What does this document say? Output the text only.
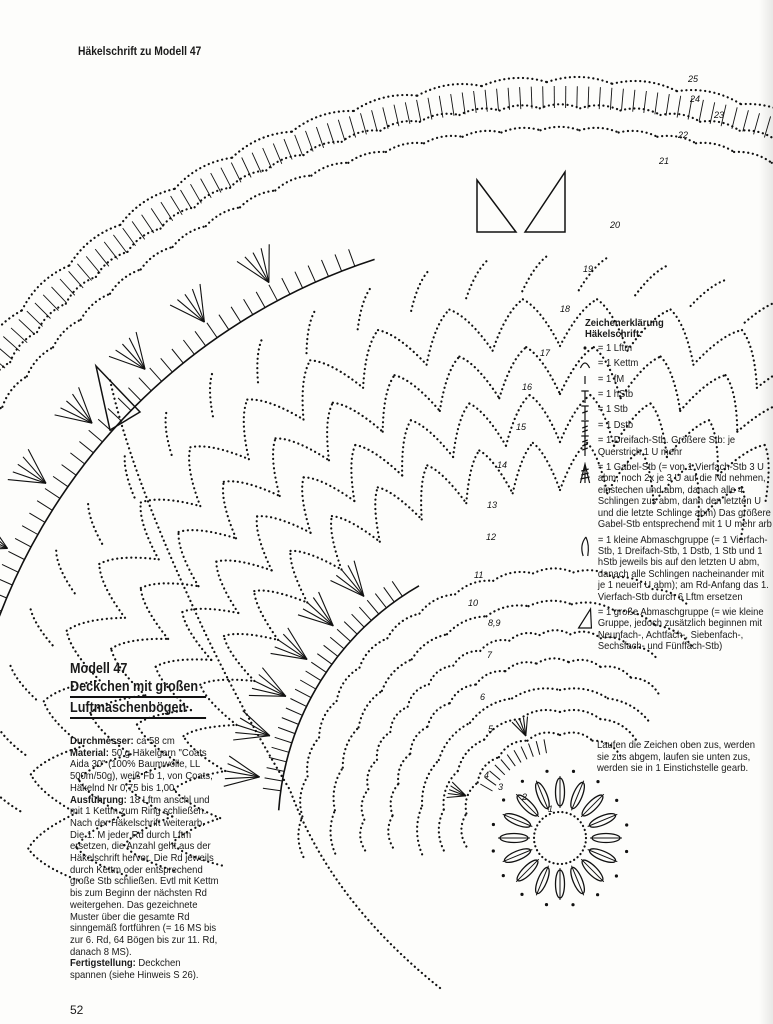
Häkelschrift zu Modell 47
1
2
3
4
5
6
7
8,9
10
11
12
13
14
15
16
17
18
19
20
21
22
23
24
25
Zeichenerklärung
Häkelschrift:
= 1 Lftm
= 1 Kettm
= 1 fM
= 1 hStb
= 1 Stb
= 1 Dstb
= 1 Dreifach-Stb. Größere Stb: je Querstrich 1 U mehr
= 1 Gabel-Stb (= von 1 Vierfach-Stb 3 U abm, noch 2x je 3 U auf die Nd nehmen, einstechen und abm, danach alle 4 Schlingen zus abm, dann den letzten U und die letzte Schlinge abm) Das größere Gabel-Stb entsprechend mit 1 U mehr arb
= 1 kleine Abmaschgruppe (= 1 Vierfach-Stb, 1 Dreifach-Stb, 1 Dstb, 1 Stb und 1 hStb jeweils bis auf den letzten U abm, danach alle Schlingen nacheinander mit je 1 neuen U abm); am Rd-Anfang das 1. Vierfach-Stb durch 6 Lftm ersetzen
= 1 große Abmaschgruppe (= wie kleine Gruppe, jedoch zusätzlich beginnen mit Neunfach-, Achtfach-, Siebenfach-, Sechsfach- und Fünffach-Stb)
Laufen die Zeichen oben zus, werden sie zus abgem, laufen sie unten zus, werden sie in 1 Einstichstelle gearb.
Modell 47
Deckchen mit großen
Luftmaschenbögen
Durchmesser: ca 58 cm
Material: 50 g Häkelgarn "Coats Aida 30" (100% Baumwolle, LL 500m/50g), weiß Fb 1, von Coats, Häkelnd Nr 0,75 bis 1,00.
Ausführung: 18 Lftm anschl und mit 1 Kettm zum Ring schließen. Nach der Häkelschrift weiterarb. Die 1. M jeder Rd durch Lftm ersetzen, die Anzahl geht aus der Häkelschrift hervor. Die Rd jeweils durch Kettm oder entsprechend große Stb schließen. Evtl mit Kettm bis zum Beginn der nächsten Rd weitergehen. Das gezeichnete Muster über die gesamte Rd sinngemäß fortführen (= 16 MS bis zur 6. Rd, 64 Bögen bis zur 11. Rd, danach 8 MS).
Fertigstellung: Deckchen spannen (siehe Hinweis S 26).
52
